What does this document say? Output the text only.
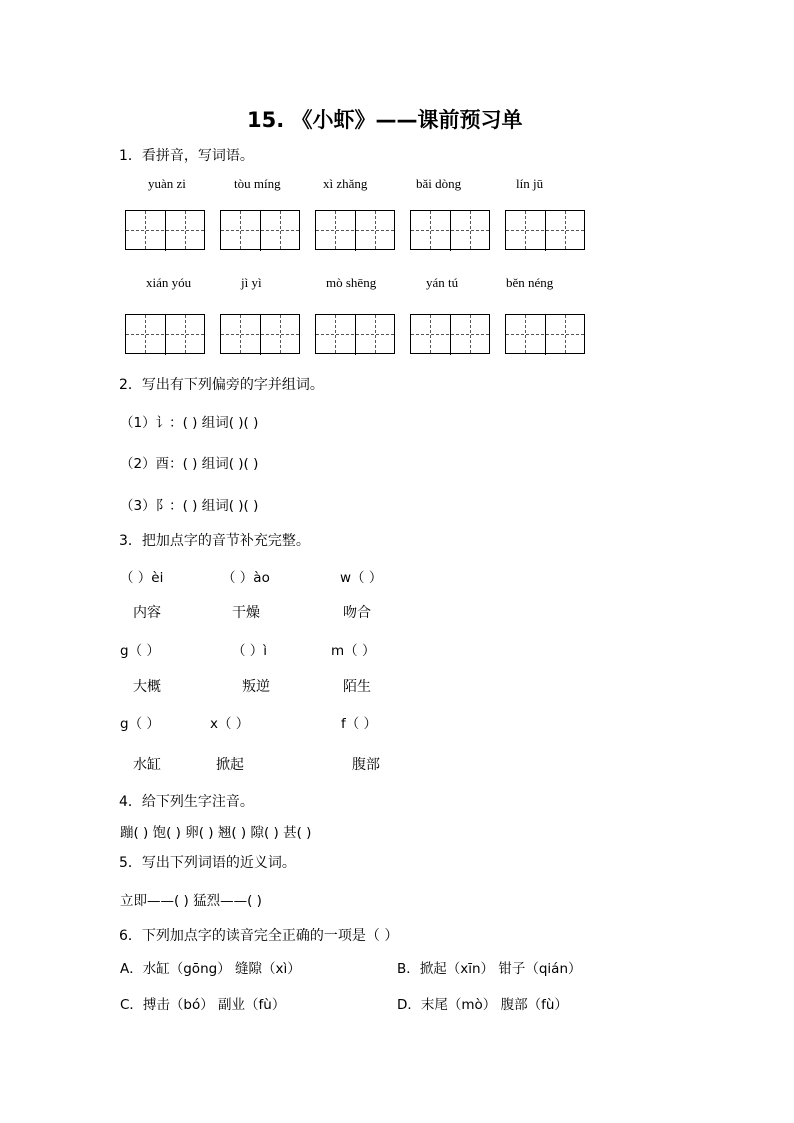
15. 《小虾》——课前预习单
1．看拼音，写词语。
yuàn zi	tòu míng	xì zhǎng	bǎi dòng	lín jū
xián yóu	jì yì	mò shēng	yán tú	běn néng
2．写出有下列偏旁的字并组词。
（1）讠：( ) 组词( )( )
（2）酉：( ) 组词( )( )
（3）阝：( ) 组词( )( )
3．把加点字的音节补充完整。
（ ）èi	（ ）ào	w（ ）
内容	干燥	吻合
g（ ）	（ ）ì	m（ ）
大概	叛逆	陌生
g（ ）	x（ ）	f（ ）
水缸	掀起	腹部
4．给下列生字注音。
蹦( ) 饱( ) 卵( ) 翘( ) 隙( ) 甚( )
5．写出下列词语的近义词。
立即——( ) 猛烈——( )
6．下列加点字的读音完全正确的一项是（ ）
A．水缸（gōng） 缝隙（xì）	B．掀起（xīn） 钳子（qián）
C．搏击（bó） 副业（fù）	D．末尾（mò） 腹部（fù）
